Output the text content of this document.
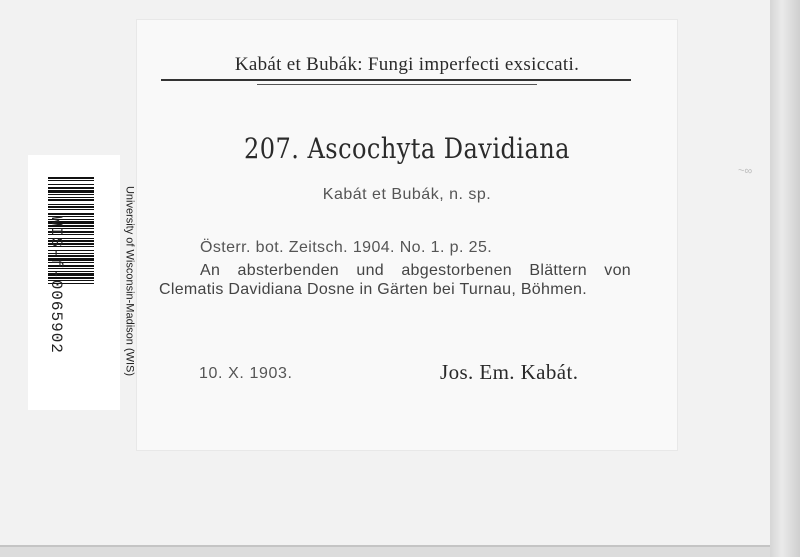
WIS-f-0065902	University of Wisconsin-Madison (WIS)
Kabát et Bubák: Fungi imperfecti exsiccati.
207. Ascochyta Davidiana
Kabát et Bubák, n. sp.
Österr. bot. Zeitsch. 1904. No. 1. p. 25.
An absterbenden und abgestorbenen Blättern von Clematis Davidiana Dosne in Gärten bei Turnau, Böhmen.
10. X. 1903.	Jos. Em. Kabát.
~∞
